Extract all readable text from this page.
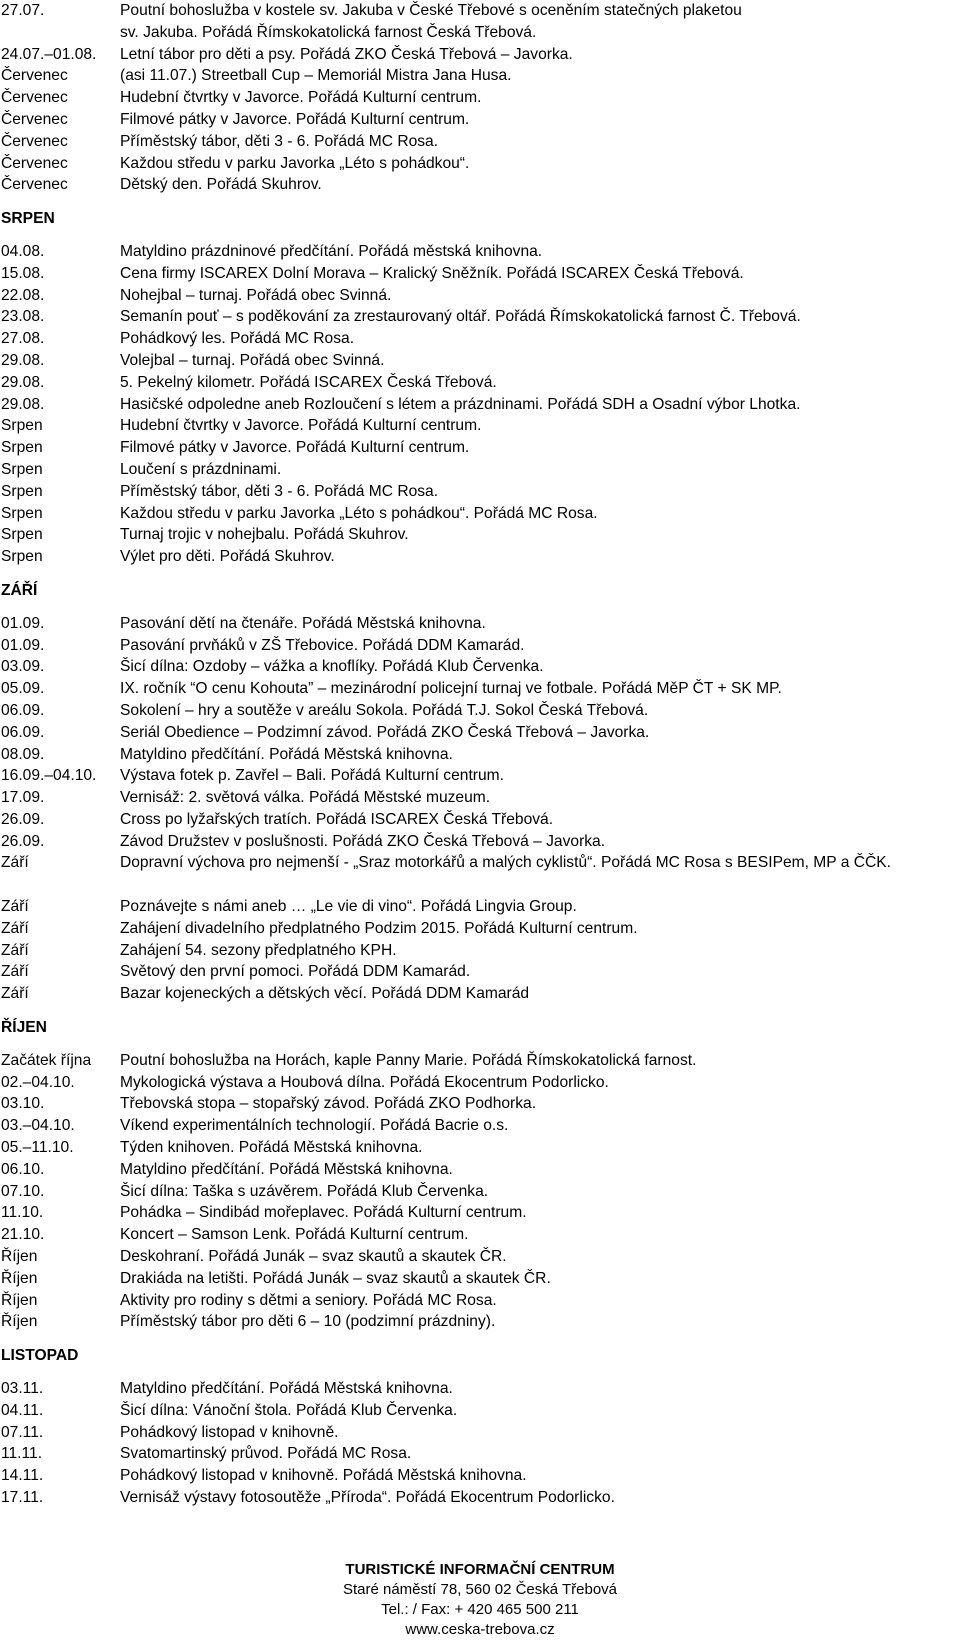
27.07.	Poutní bohoslužba v kostele sv. Jakuba v České Třebové s oceněním statečných plaketou
sv. Jakuba. Pořádá Římskokatolická farnost Česká Třebová.
24.07.–01.08. Letní tábor pro děti a psy. Pořádá ZKO Česká Třebová – Javorka.
Červenec	(asi 11.07.) Streetball Cup – Memoriál Mistra Jana Husa.
Červenec	Hudební čtvrtky v Javorce. Pořádá Kulturní centrum.
Červenec	Filmové pátky v Javorce. Pořádá Kulturní centrum.
Červenec	Příměstský tábor, děti 3 - 6. Pořádá MC Rosa.
Červenec	Každou středu v parku Javorka „Léto s pohádkou“.
Červenec	Dětský den. Pořádá Skuhrov.
SRPEN
04.08.	Matyldino prázdninové předčítání. Pořádá městská knihovna.
15.08.	Cena firmy ISCAREX Dolní Morava – Kralický Sněžník. Pořádá ISCAREX Česká Třebová.
22.08.	Nohejbal – turnaj. Pořádá obec Svinná.
23.08.	Semanín pouť – s poděkování za zrestaurovaný oltář. Pořádá Římskokatolická farnost Č. Třebová.
27.08.	Pohádkový les. Pořádá MC Rosa.
29.08.	Volejbal – turnaj. Pořádá obec Svinná.
29.08.	5. Pekelný kilometr. Pořádá ISCAREX Česká Třebová.
29.08.	Hasičské odpoledne aneb Rozloučení s létem a prázdninami. Pořádá SDH a Osadní výbor Lhotka.
Srpen	Hudební čtvrtky v Javorce. Pořádá Kulturní centrum.
Srpen	Filmové pátky v Javorce. Pořádá Kulturní centrum.
Srpen	Loučení s prázdninami.
Srpen	Příměstský tábor, děti 3 - 6. Pořádá MC Rosa.
Srpen	Každou středu v parku Javorka „Léto s pohádkou“. Pořádá MC Rosa.
Srpen	Turnaj trojic v nohejbalu. Pořádá Skuhrov.
Srpen	Výlet pro děti. Pořádá Skuhrov.
ZÁŘÍ
01.09.	Pasování dětí na čtenáře. Pořádá Městská knihovna.
01.09.	Pasování prvňáků v ZŠ Třebovice. Pořádá DDM Kamarád.
03.09.	Šicí dílna: Ozdoby – vážka a knoflíky. Pořádá Klub Červenka.
05.09.	IX. ročník “O cenu Kohouta” – mezinárodní policejní turnaj ve fotbale. Pořádá MěP ČT + SK MP.
06.09.	Sokolení – hry a soutěže v areálu Sokola. Pořádá T.J. Sokol Česká Třebová.
06.09.	Seriál Obedience – Podzimní závod. Pořádá ZKO Česká Třebová – Javorka.
08.09.	Matyldino předčítání. Pořádá Městská knihovna.
16.09.–04.10. Výstava fotek p. Zavřel – Bali. Pořádá Kulturní centrum.
17.09.	Vernisáž: 2. světová válka. Pořádá Městské muzeum.
26.09.	Cross po lyžařských tratích. Pořádá ISCAREX Česká Třebová.
26.09.	Závod Družstev v poslušnosti. Pořádá ZKO Česká Třebová – Javorka.
Září	Dopravní výchova pro nejmenší - „Sraz motorkářů a malých cyklistů“. Pořádá MC Rosa s BESIPem, MP a ČČK.
Září	Poznávejte s námi aneb … „Le vie di vino“. Pořádá Lingvia Group.
Září	Zahájení divadelního předplatného Podzim 2015. Pořádá Kulturní centrum.
Září	Zahájení 54. sezony předplatného KPH.
Září	Světový den první pomoci. Pořádá DDM Kamarád.
Září	Bazar kojeneckých a dětských věcí. Pořádá DDM Kamarád
ŘÍJEN
Začátek října Poutní bohoslužba na Horách, kaple Panny Marie. Pořádá Římskokatolická farnost.
02.–04.10.	Mykologická výstava a Houbová dílna. Pořádá Ekocentrum Podorlicko.
03.10.	Třebovská stopa – stopařský závod. Pořádá ZKO Podhorka.
03.–04.10.	Víkend experimentálních technologií. Pořádá Bacrie o.s.
05.–11.10.	Týden knihoven. Pořádá Městská knihovna.
06.10.	Matyldino předčítání. Pořádá Městská knihovna.
07.10.	Šicí dílna: Taška s uzávěrem. Pořádá Klub Červenka.
11.10.	Pohádka – Sindibád mořeplavec. Pořádá Kulturní centrum.
21.10.	Koncert – Samson Lenk. Pořádá Kulturní centrum.
Říjen	Deskohraní. Pořádá Junák – svaz skautů a skautek ČR.
Říjen	Drakiáda na letišti. Pořádá Junák – svaz skautů a skautek ČR.
Říjen	Aktivity pro rodiny s dětmi a seniory. Pořádá MC Rosa.
Říjen	Příměstský tábor pro děti 6 – 10 (podzimní prázdniny).
LISTOPAD
03.11.	Matyldino předčítání. Pořádá Městská knihovna.
04.11.	Šicí dílna: Vánoční štola. Pořádá Klub Červenka.
07.11.	Pohádkový listopad v knihovně.
11.11.	Svatomartinský průvod. Pořádá MC Rosa.
14.11.	Pohádkový listopad v knihovně. Pořádá Městská knihovna.
17.11.	Vernisáž výstavy fotosoutěže „Příroda“. Pořádá Ekocentrum Podorlicko.
TURISTICKÉ INFORMAČNÍ CENTRUM
Staré náměstí 78, 560 02 Česká Třebová
Tel.: / Fax: + 420 465 500 211
www.ceska-trebova.cz
